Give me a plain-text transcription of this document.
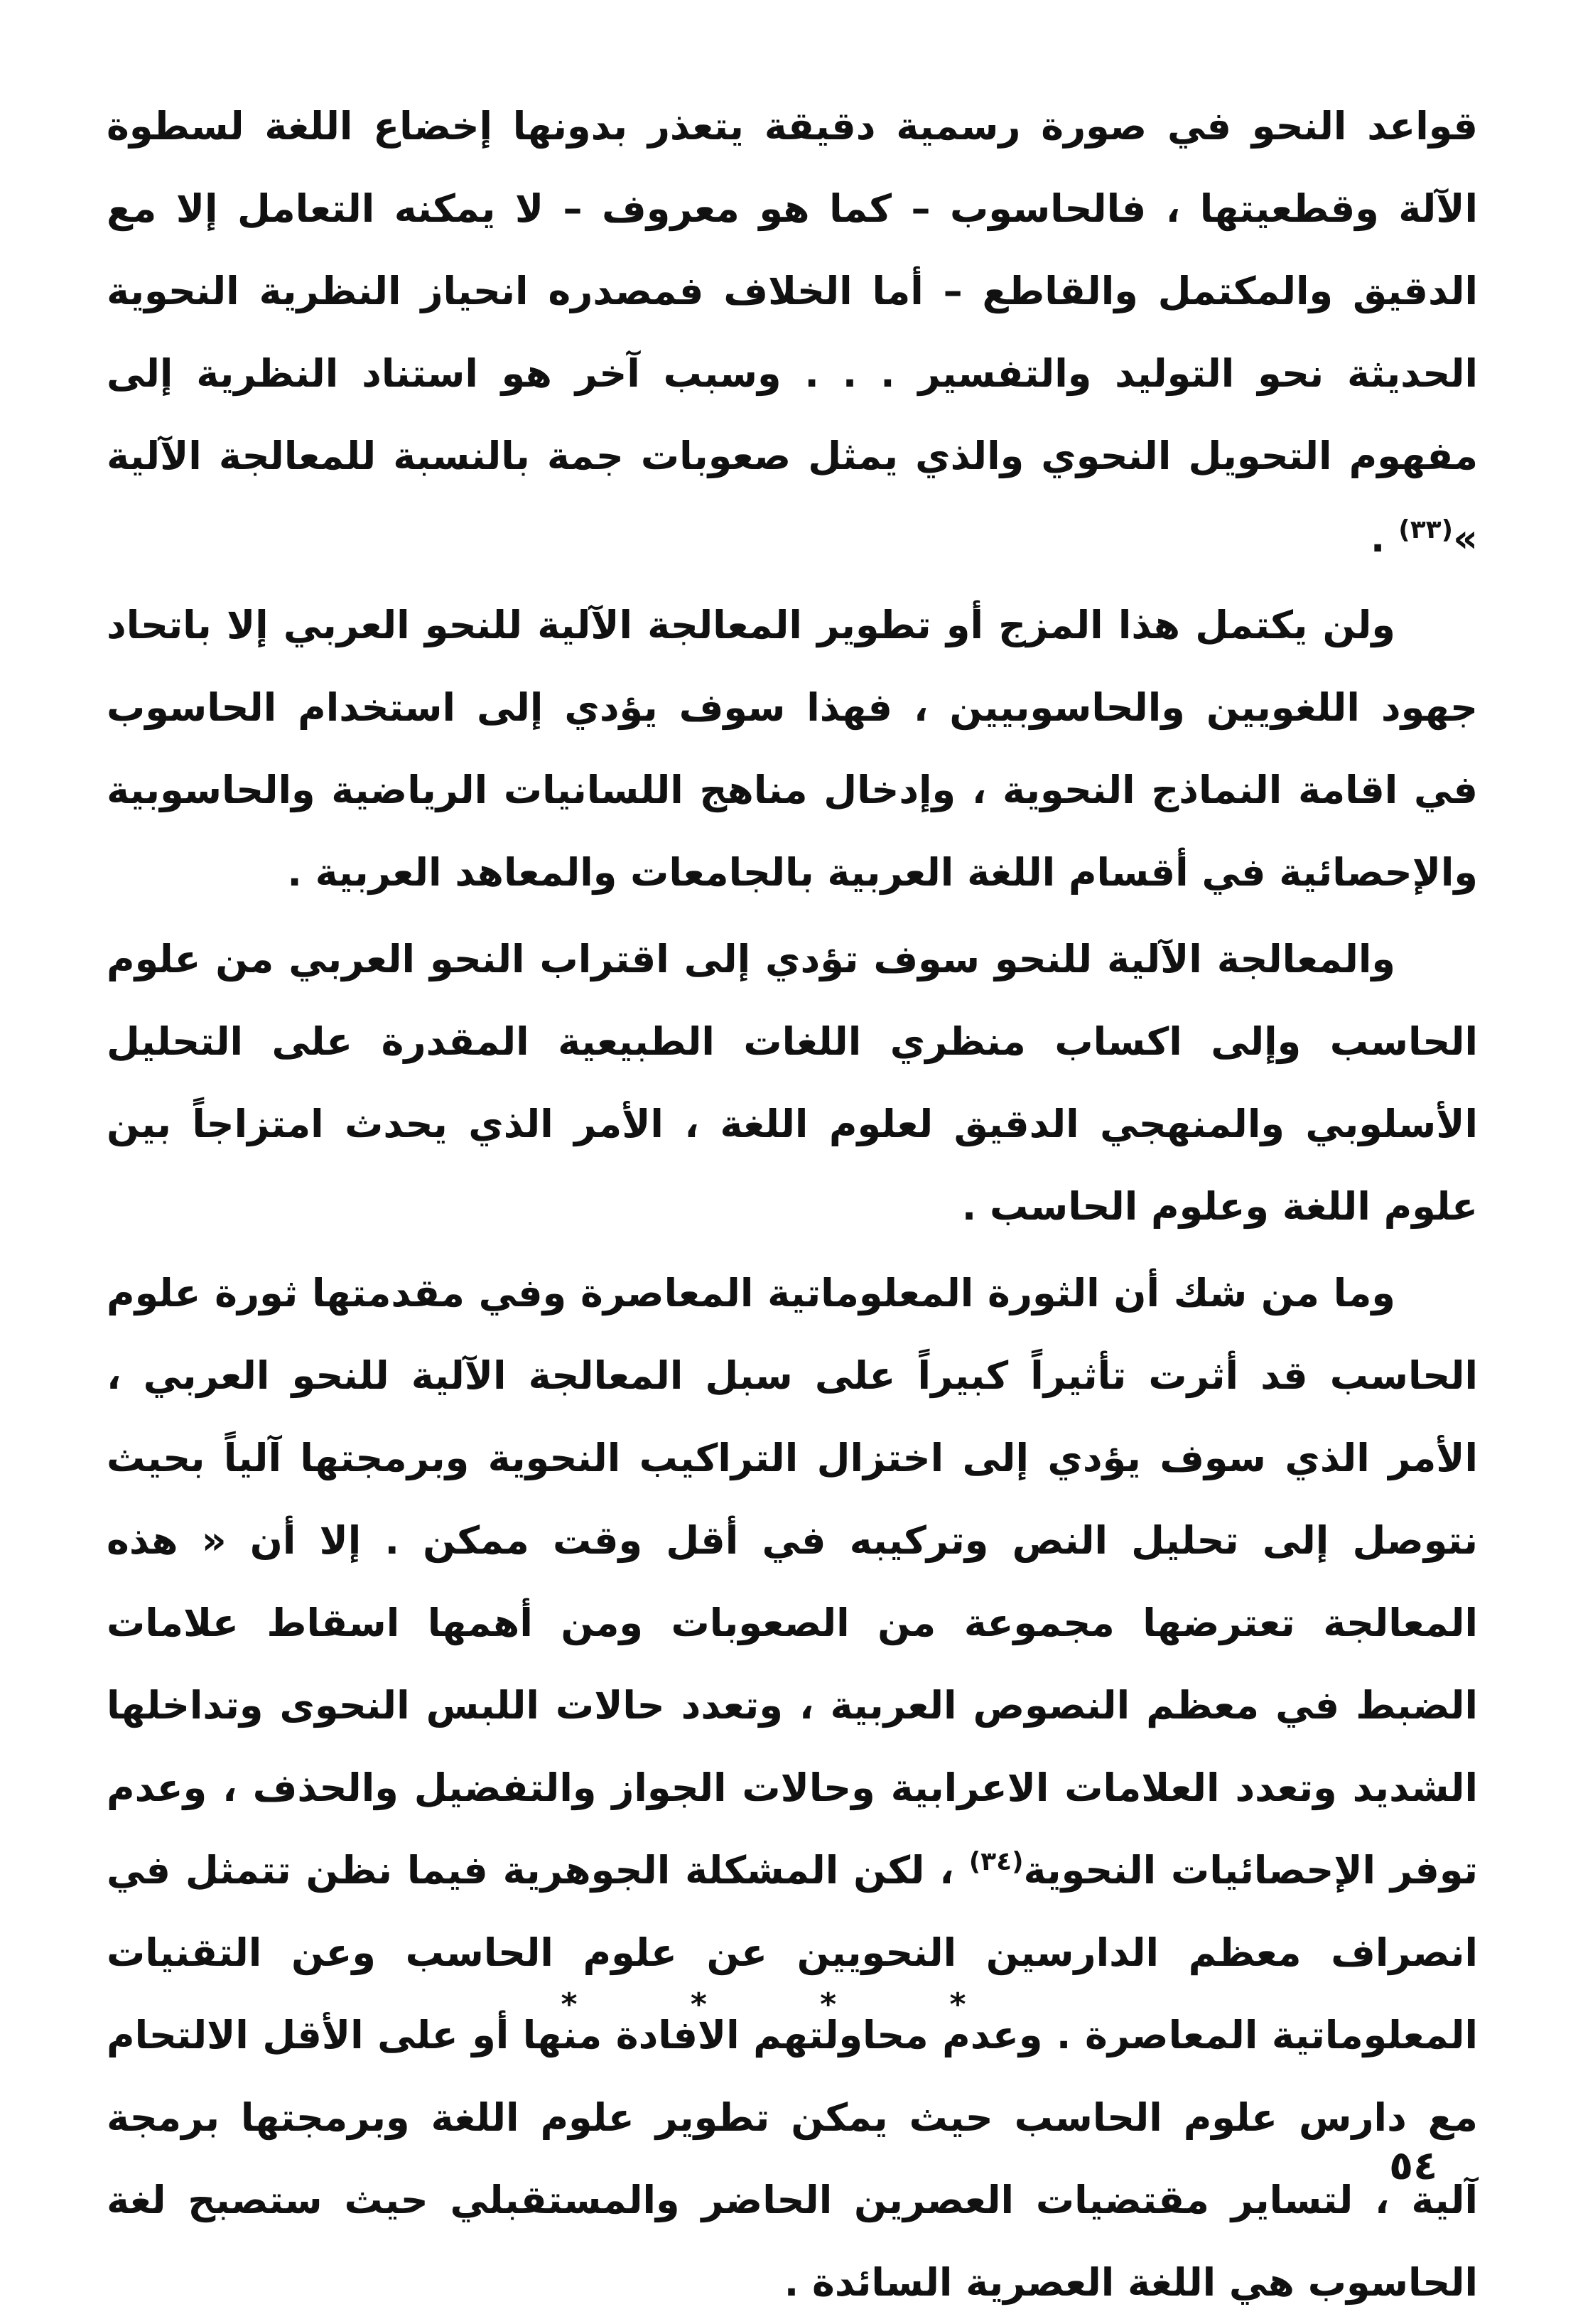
قواعد النحو في صورة رسمية دقيقة يتعذر بدونها إخضاع اللغة لسطوة الآلة وقطعيتها ، فالحاسوب – كما هو معروف – لا يمكنه التعامل إلا مع الدقيق والمكتمل والقاطع – أما الخلاف فمصدره انحياز النظرية النحوية الحديثة نحو التوليد والتفسير . . . وسبب آخر هو استناد النظرية إلى مفهوم التحويل النحوي والذي يمثل صعوبات جمة بالنسبة للمعالجة الآلية »$^{(٣٣)}$ .

ولن يكتمل هذا المزج أو تطوير المعالجة الآلية للنحو العربي إلا باتحاد جهود اللغويين والحاسوبيين ، فهذا سوف يؤدي إلى استخدام الحاسوب في اقامة النماذج النحوية ، وإدخال مناهج اللسانيات الرياضية والحاسوبية والإحصائية في أقسام اللغة العربية بالجامعات والمعاهد العربية .

والمعالجة الآلية للنحو سوف تؤدي إلى اقتراب النحو العربي من علوم الحاسب وإلى اكساب منظري اللغات الطبيعية المقدرة على التحليل الأسلوبي والمنهجي الدقيق لعلوم اللغة ، الأمر الذي يحدث امتزاجاً بين علوم اللغة وعلوم الحاسب .

وما من شك أن الثورة المعلوماتية المعاصرة وفي مقدمتها ثورة علوم الحاسب قد أثرت تأثيراً كبيراً على سبل المعالجة الآلية للنحو العربي ، الأمر الذي سوف يؤدي إلى اختزال التراكيب النحوية وبرمجتها آلياً بحيث نتوصل إلى تحليل النص وتركيبه في أقل وقت ممكن . إلا أن « هذه المعالجة تعترضها مجموعة من الصعوبات ومن أهمها اسقاط علامات الضبط في معظم النصوص العربية ، وتعدد حالات اللبس النحوى وتداخلها الشديد وتعدد العلامات الاعرابية وحالات الجواز والتفضيل والحذف ، وعدم توفر الإحصائيات النحوية$^{(٣٤)}$ ، لكن المشكلة الجوهرية فيما نظن تتمثل في انصراف معظم الدارسين النحويين عن علوم الحاسب وعن التقنيات المعلوماتية المعاصرة . وعدم محاولتهم الافادة منها أو على الأقل الالتحام مع دارس علوم الحاسب حيث يمكن تطوير علوم اللغة وبرمجتها برمجة آلية ، لتساير مقتضيات العصرين الحاضر والمستقبلي حيث ستصبح لغة الحاسوب هي اللغة العصرية السائدة .

* * * *
٥٤
